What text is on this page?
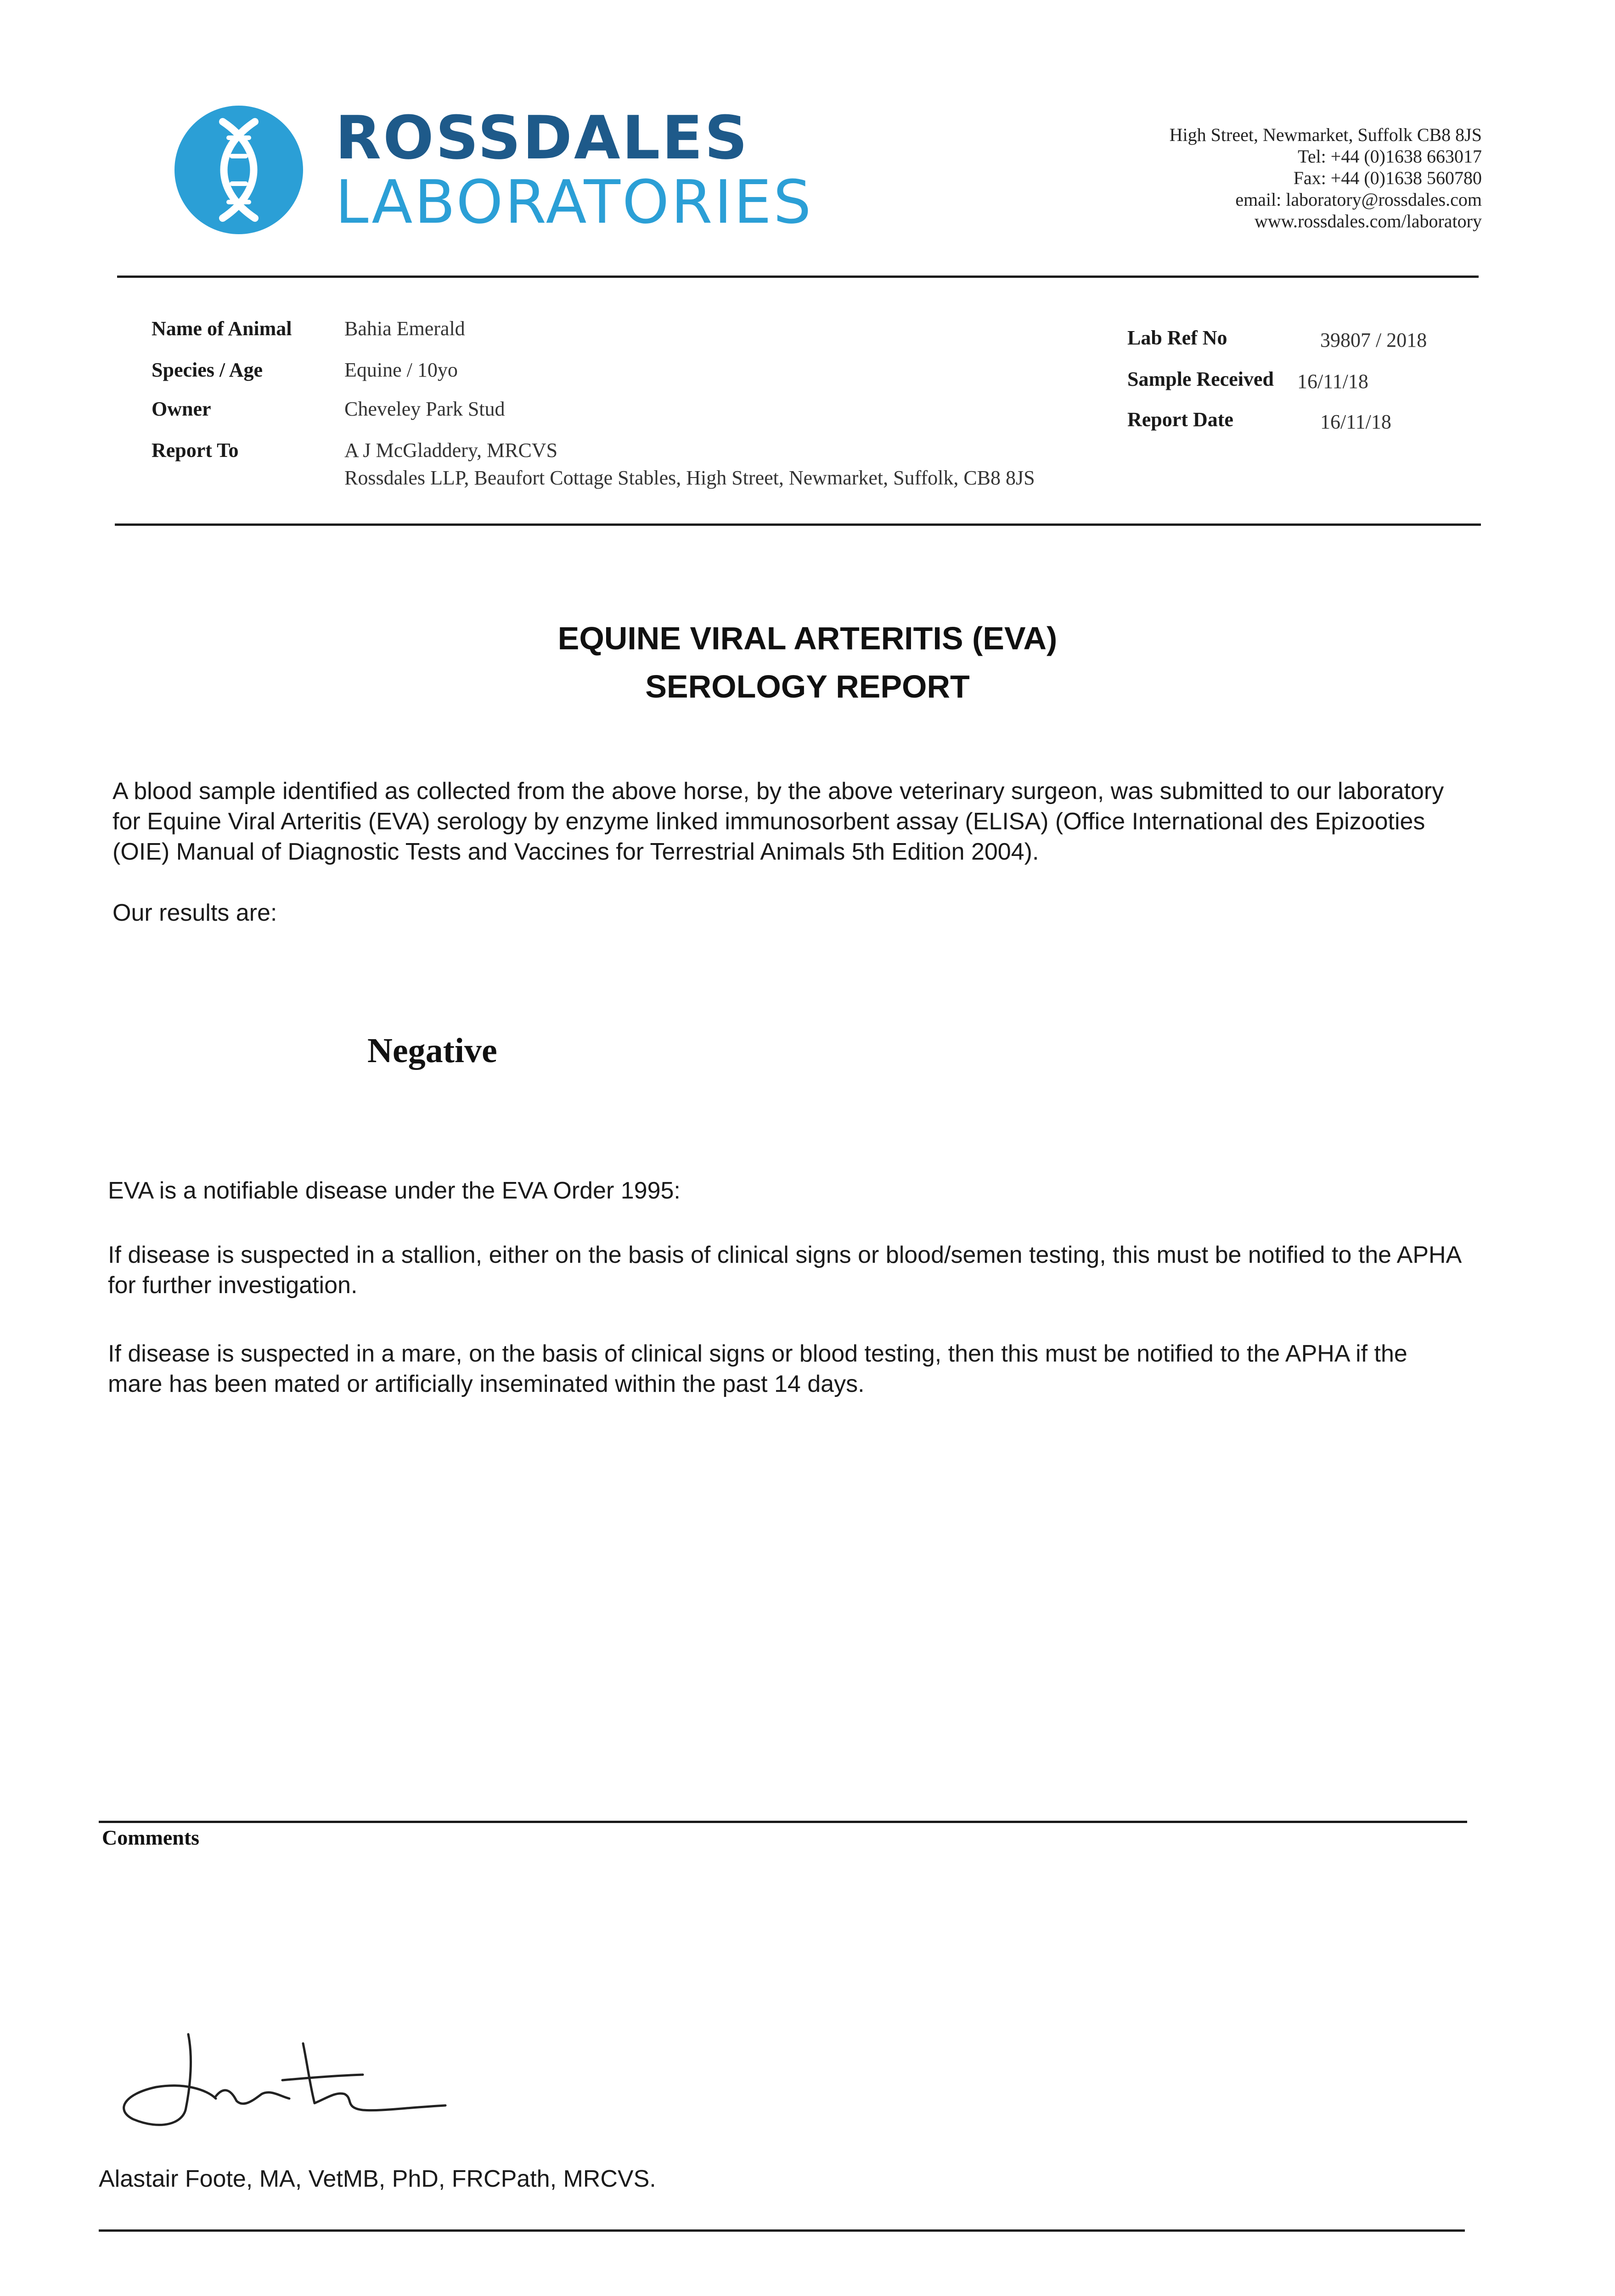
ROSSDALES
LABORATORIES
High Street, Newmarket, Suffolk CB8 8JS
Tel: +44 (0)1638 663017
Fax: +44 (0)1638 560780
email: laboratory@rossdales.com
www.rossdales.com/laboratory
Name of Animal	Bahia Emerald
Species / Age	Equine / 10yo
Owner	Cheveley Park Stud
Report To	A J McGladdery, MRCVS
Rossdales LLP, Beaufort Cottage Stables, High Street, Newmarket, Suffolk, CB8 8JS
Lab Ref No	39807 / 2018
Sample Received 16/11/18
Report Date	16/11/18
EQUINE VIRAL ARTERITIS (EVA)
SEROLOGY REPORT
A blood sample identified as collected from the above horse, by the above veterinary surgeon, was submitted to our laboratory for Equine Viral Arteritis (EVA) serology by enzyme linked immunosorbent assay (ELISA) (Office International des Epizooties (OIE) Manual of Diagnostic Tests and Vaccines for Terrestrial Animals 5th Edition 2004).
Our results are:
Negative
EVA is a notifiable disease under the EVA Order 1995:
If disease is suspected in a stallion, either on the basis of clinical signs or blood/semen testing, this must be notified to the APHA for further investigation.
If disease is suspected in a mare, on the basis of clinical signs or blood testing, then this must be notified to the APHA if the mare has been mated or artificially inseminated within the past 14 days.
Comments
Alastair Foote, MA, VetMB, PhD, FRCPath, MRCVS.
